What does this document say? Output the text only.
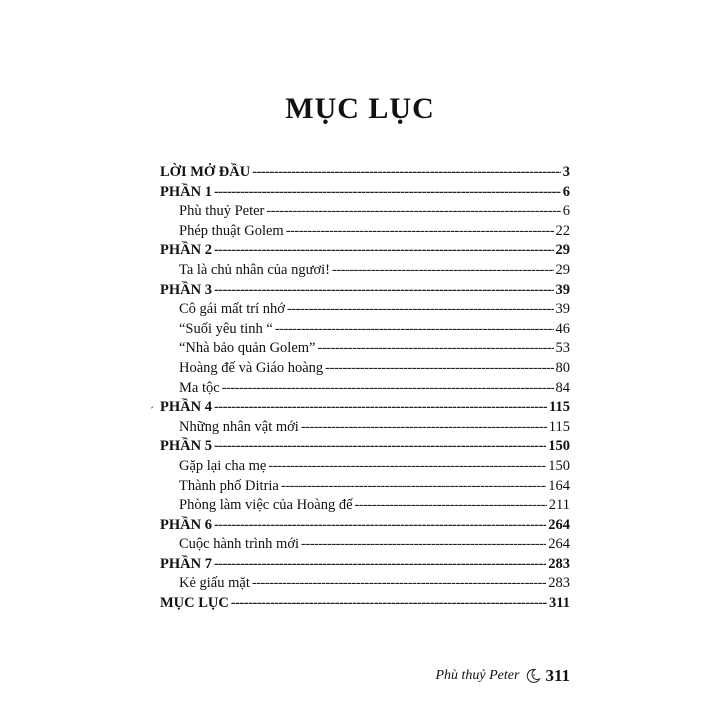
MỤC LỤC
LỜI MỞ ĐẦU -----	3
PHẦN 1 -----	6
Phù thuỷ Peter -----	6
Phép thuật Golem -----	22
PHẦN 2 -----	29
Ta là chủ nhân của ngươi! -----	29
PHẦN 3 -----	39
Cô gái mất trí nhớ -----	39
“Suối yêu tinh “ -----	46
“Nhà bảo quản Golem” -----	53
Hoàng đế và Giáo hoàng -----	80
Ma tộc -----	84
PHẦN 4 -----	115
Những nhân vật mới -----	115
PHẦN 5 -----	150
Gặp lại cha mẹ -----	150
Thành phố Ditria -----	164
Phòng làm việc của Hoàng đế -----	211
PHẦN 6 -----	264
Cuộc hành trình mới -----	264
PHẦN 7 -----	283
Kẻ giấu mặt -----	283
MỤC LỤC -----	311
´
Phù thuỷ Peter 311
